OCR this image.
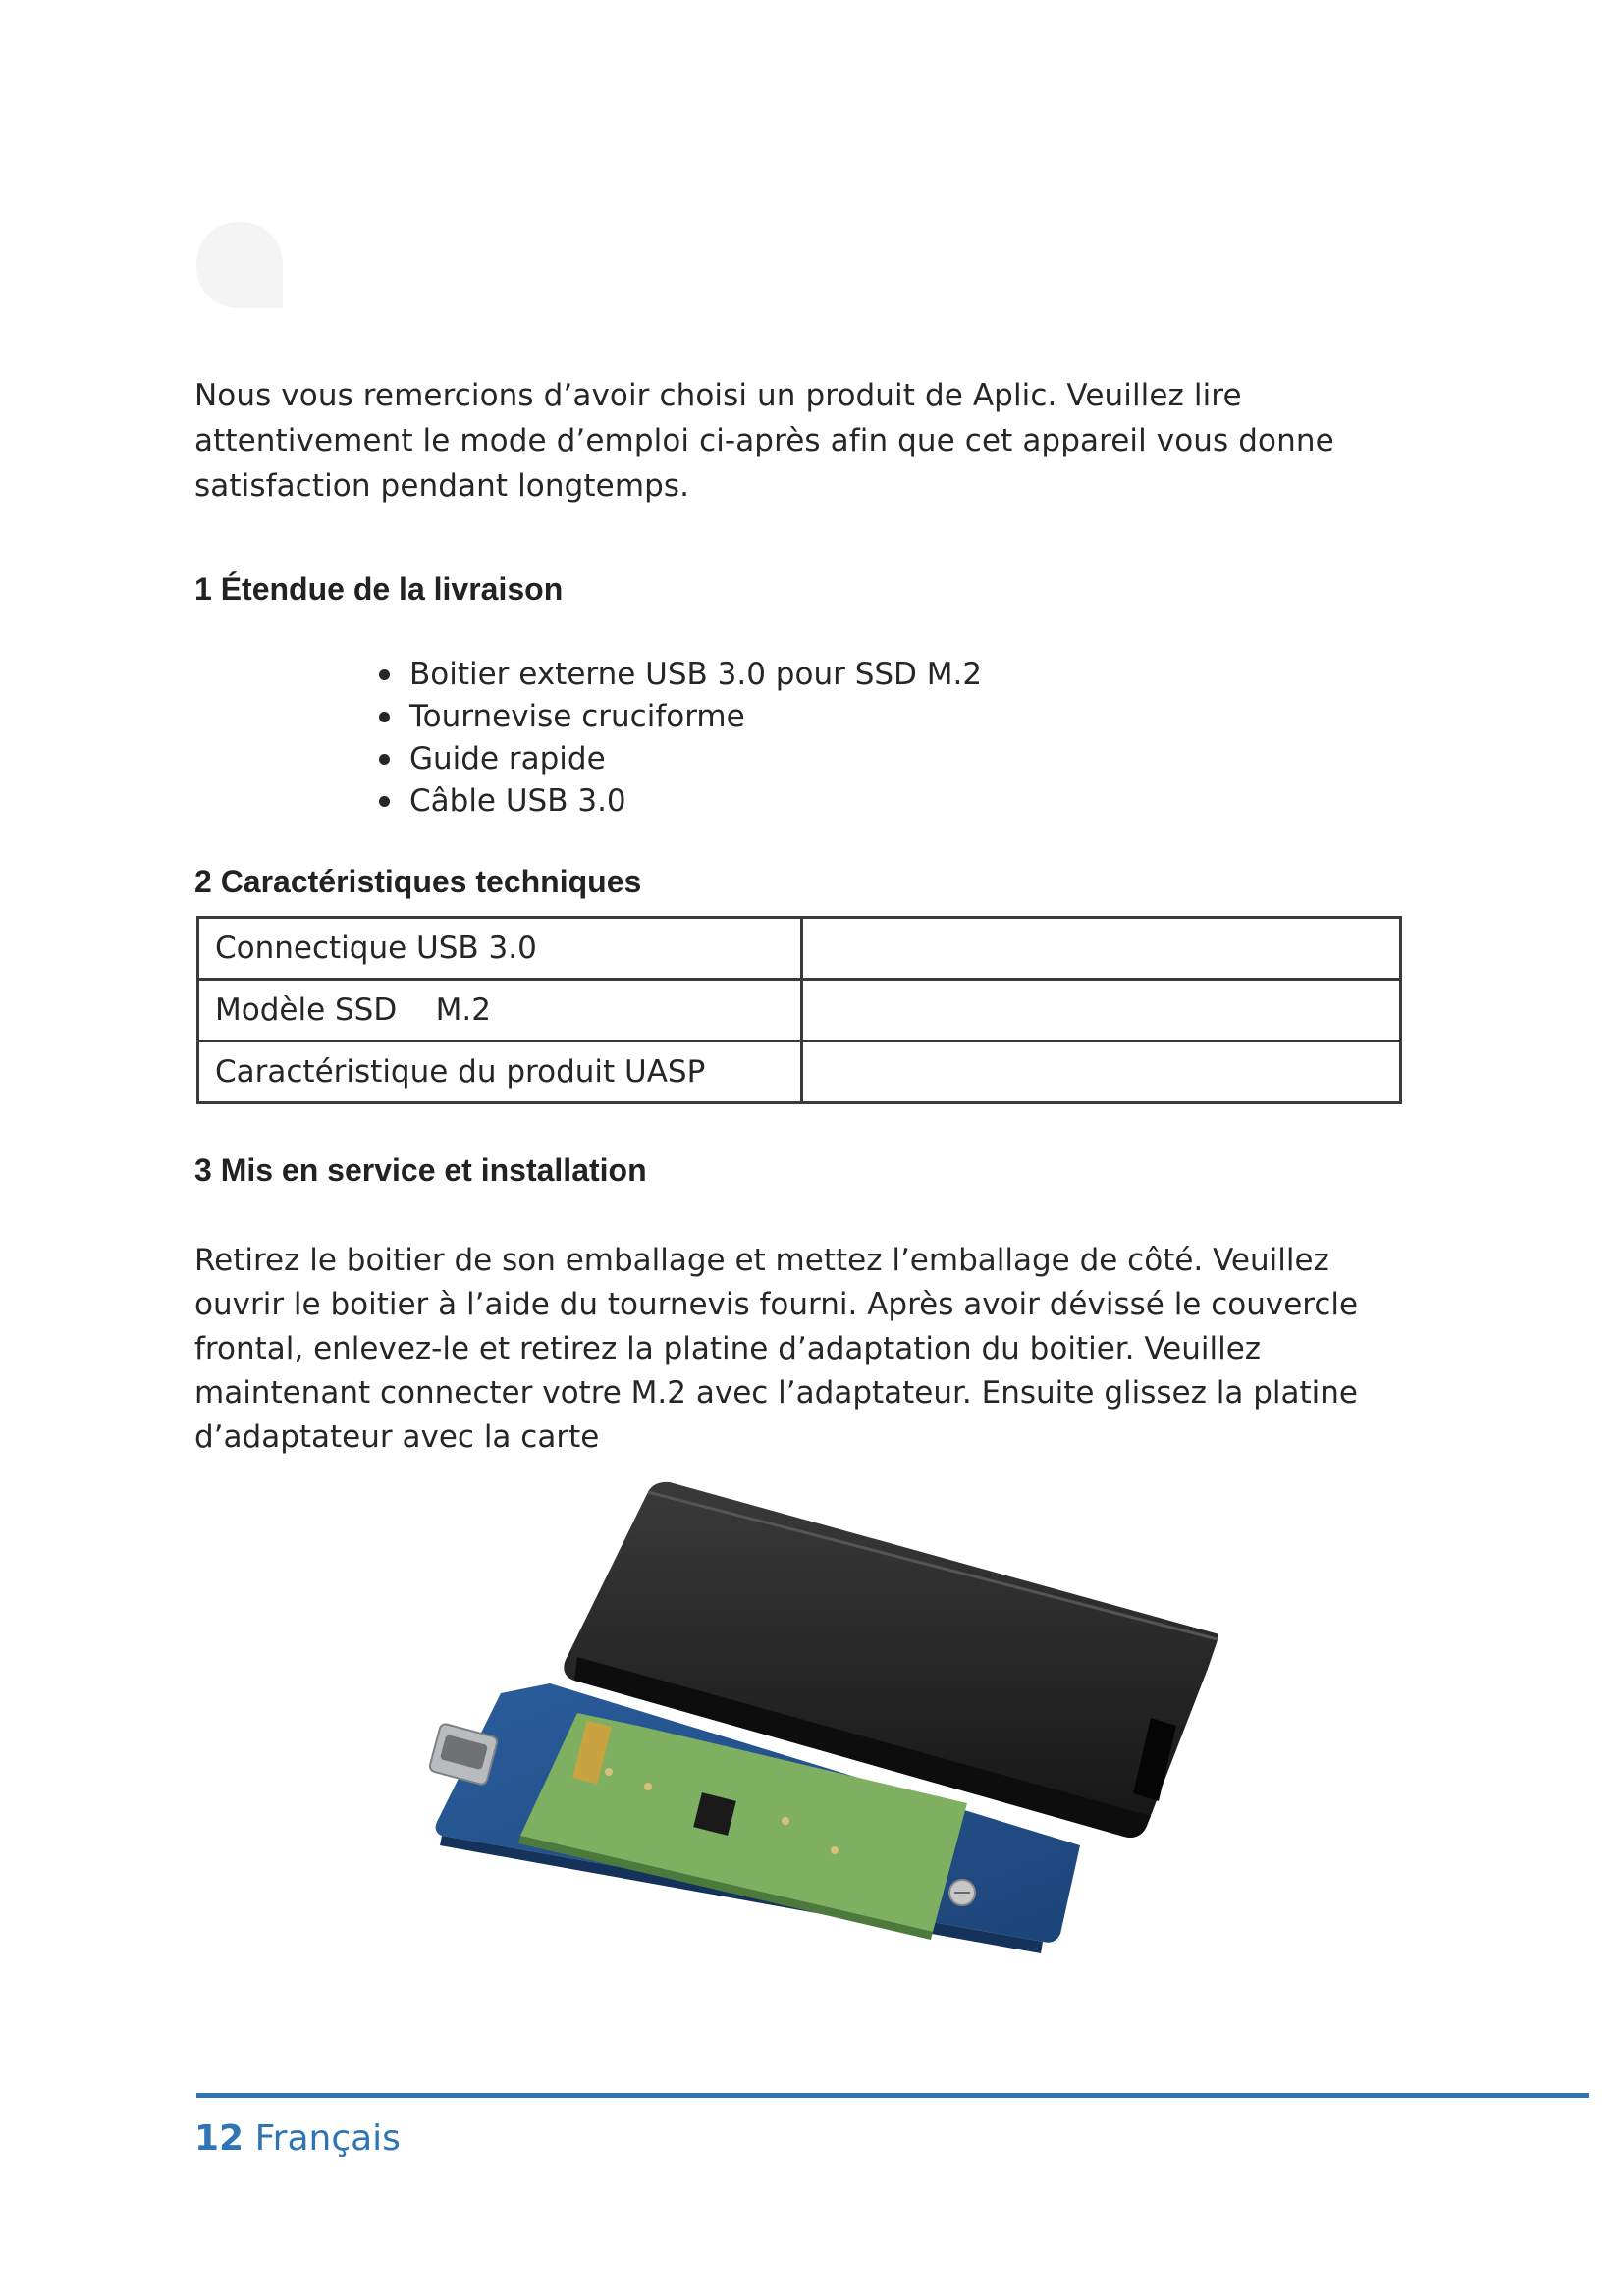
Nous vous remercions d’avoir choisi un produit de Aplic. Veuillez lire attentivement le mode d’emploi ci-après afin que cet appareil vous donne satisfaction pendant longtemps.

1 Étendue de la livraison
Boitier externe USB 3.0 pour SSD M.2
Tournevise cruciforme
Guide rapide
Câble USB 3.0
2 Caractéristiques techniques
Connectique USB 3.0	
Modèle SSD    M.2	
Caractéristique du produit UASP	
3 Mis en service et installation

Retirez le boitier de son emballage et mettez l’emballage de côté. Veuillez ouvrir le boitier à l’aide du tournevis fourni. Après avoir dévissé le couvercle frontal, enlevez-le et retirez la platine d’adaptation du boitier. Veuillez maintenant connecter votre M.2 avec l’adaptateur. Ensuite glissez la platine d’adaptateur avec la carte

12 Français
